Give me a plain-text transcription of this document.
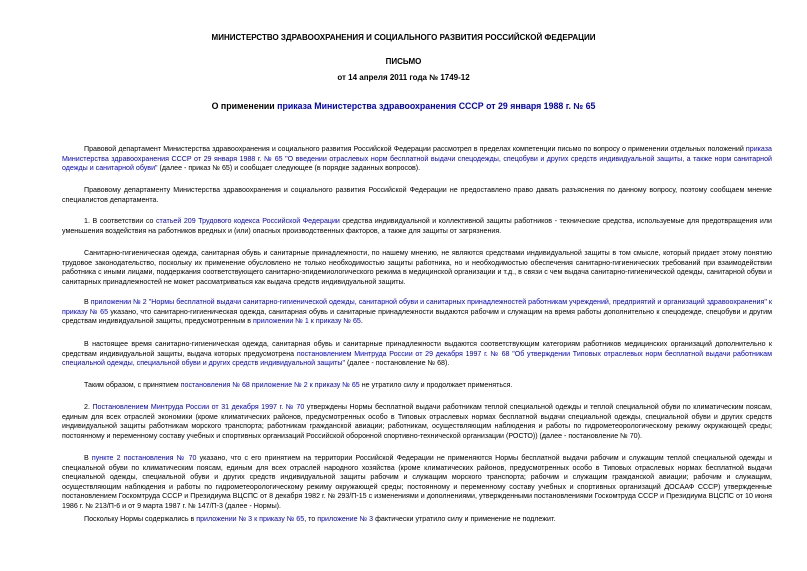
МИНИСТЕРСТВО ЗДРАВООХРАНЕНИЯ И СОЦИАЛЬНОГО РАЗВИТИЯ РОССИЙСКОЙ ФЕДЕРАЦИИ

ПИСЬМО

от 14 апреля 2011 года № 1749-12

О применении приказа Министерства здравоохранения СССР от 29 января 1988 г. № 65

Правовой департамент Министерства здравоохранения и социального развития Российской Федерации рассмотрел в пределах компетенции письмо по вопросу о применении отдельных положений приказа Министерства здравоохранения СССР от 29 января 1988 г. № 65 "О введении отраслевых норм бесплатной выдачи спецодежды, спецобуви и других средств индивидуальной защиты, а также норм санитарной одежды и санитарной обуви" (далее - приказ № 65) и сообщает следующее (в порядке заданных вопросов).

Правовому департаменту Министерства здравоохранения и социального развития Российской Федерации не предоставлено право давать разъяснения по данному вопросу, поэтому сообщаем мнение специалистов департамента.

1. В соответствии со статьей 209 Трудового кодекса Российской Федерации средства индивидуальной и коллективной защиты работников - технические средства, используемые для предотвращения или уменьшения воздействия на работников вредных и (или) опасных производственных факторов, а также для защиты от загрязнения.

Санитарно-гигиеническая одежда, санитарная обувь и санитарные принадлежности, по нашему мнению, не являются средствами индивидуальной защиты в том смысле, который придает этому понятию трудовое законодательство, поскольку их применение обусловлено не только необходимостью защиты работника, но и необходимостью обеспечения санитарно-гигиенических требований при взаимодействии работника с иными лицами, поддержания соответствующего санитарно-эпидемиологического режима в медицинской организации и т.д., в связи с чем выдача санитарно-гигиенической одежды, санитарной обуви и санитарных принадлежностей не может рассматриваться как выдача средств индивидуальной защиты.

В приложении № 2 "Нормы бесплатной выдачи санитарно-гигиенической одежды, санитарной обуви и санитарных принадлежностей работникам учреждений, предприятий и организаций здравоохранения" к приказу № 65 указано, что санитарно-гигиеническая одежда, санитарная обувь и санитарные принадлежности выдаются рабочим и служащим на время работы дополнительно к спецодежде, спецобуви и другим средствам индивидуальной защиты, предусмотренным в приложении № 1 к приказу № 65.

В настоящее время санитарно-гигиеническая одежда, санитарная обувь и санитарные принадлежности выдаются соответствующим категориям работников медицинских организаций дополнительно к средствам индивидуальной защиты, выдача которых предусмотрена постановлением Минтруда России от 29 декабря 1997 г. № 68 "Об утверждении Типовых отраслевых норм бесплатной выдачи работникам специальной одежды, специальной обуви и других средств индивидуальной защиты" (далее - постановление № 68).

Таким образом, с принятием постановления № 68 приложение № 2 к приказу № 65 не утратило силу и продолжает применяться.

2. Постановлением Минтруда России от 31 декабря 1997 г. № 70 утверждены Нормы бесплатной выдачи работникам теплой специальной одежды и теплой специальной обуви по климатическим поясам, единым для всех отраслей экономики (кроме климатических районов, предусмотренных особо в Типовых отраслевых нормах бесплатной выдачи специальной одежды, специальной обуви и других средств индивидуальной защиты работникам морского транспорта; работникам гражданской авиации; работникам, осуществляющим наблюдения и работы по гидрометеорологическому режиму окружающей среды; постоянному и переменному составу учебных и спортивных организаций Российской оборонной спортивно-технической организации (РОСТО)) (далее - постановление № 70).

В пункте 2 постановления № 70 указано, что с его принятием на территории Российской Федерации не применяются Нормы бесплатной выдачи рабочим и служащим теплой специальной одежды и специальной обуви по климатическим поясам, единым для всех отраслей народного хозяйства (кроме климатических районов, предусмотренных особо в Типовых отраслевых нормах бесплатной выдачи специальной одежды, специальной обуви и других средств индивидуальной защиты рабочим и служащим морского транспорта; рабочим и служащим гражданской авиации; рабочим и служащим, осуществляющим наблюдения и работы по гидрометеорологическому режиму окружающей среды; постоянному и переменному составу учебных и спортивных организаций ДОСААФ СССР) утвержденные постановлением Госкомтруда СССР и Президиума ВЦСПС от 8 декабря 1982 г. № 293/П-15 с изменениями и дополнениями, утвержденными постановлениями Госкомтруда СССР и Президиума ВЦСПС от 10 июня 1986 г. № 213/П-6 и от 9 марта 1987 г. № 147/П-3 (далее - Нормы).

Поскольку Нормы содержались в приложении № 3 к приказу № 65, то приложение № 3 фактически утратило силу и применение не подлежит.
